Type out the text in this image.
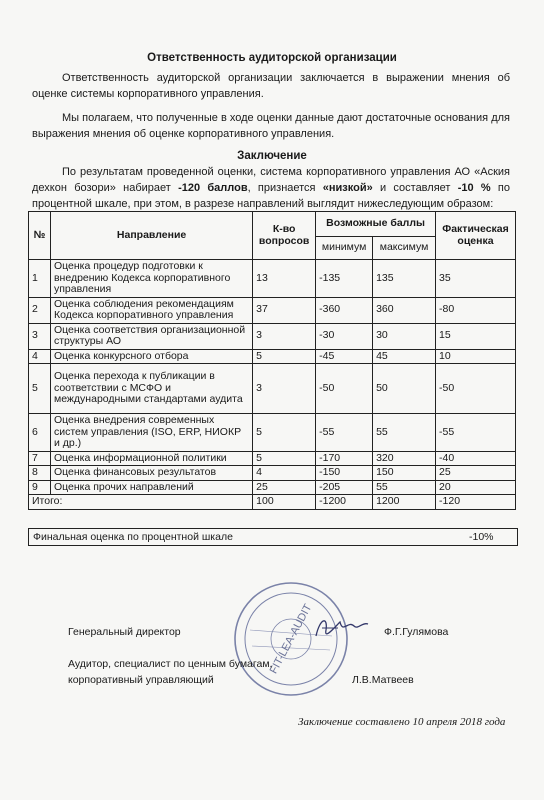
Ответственность аудиторской организации
Ответственность аудиторской организации заключается в выражении мнения об оценке системы корпоративного управления.
Мы полагаем, что полученные в ходе оценки данные дают достаточные основания для выражения мнения об оценке корпоративного управления.
Заключение
По результатам проведенной оценки, система корпоративного управления АО «Аския дехкон бозори» набирает -120 баллов, признается «низкой» и составляет -10 % по процентной шкале, при этом, в разрезе направлений выглядит нижеследующим образом:
№	Направление	К-во вопросов	Возможные баллы		Фактическая оценка
			минимум	максимум	
1	Оценка процедур подготовки к внедрению Кодекса корпоративного управления	13	-135	135	35
2	Оценка соблюдения рекомендациям Кодекса корпоративного управления	37	-360	360	-80
3	Оценка соответствия организационной структуры АО	3	-30	30	15
4	Оценка конкурсного отбора	5	-45	45	10
5	Оценка перехода к публикации в соответствии с МСФО и международными стандартами аудита	3	-50	50	-50
6	Оценка внедрения современных систем управления (ISO, ERP, НИОКР и др.)	5	-55	55	-55
7	Оценка информационной политики	5	-170	320	-40
8	Оценка финансовых результатов	4	-150	150	25
9	Оценка прочих направлений	25	-205	55	20
Итого:		100	-1200	1200	-120
Финальная оценка по процентной шкале	-10%
FIT-LEA-AUDIT
Генеральный директор	Ф.Г.Гулямова
Аудитор, специалист по ценным бумагам,
корпоративный управляющий	Л.В.Матвеев
Заключение составлено 10 апреля 2018 года
